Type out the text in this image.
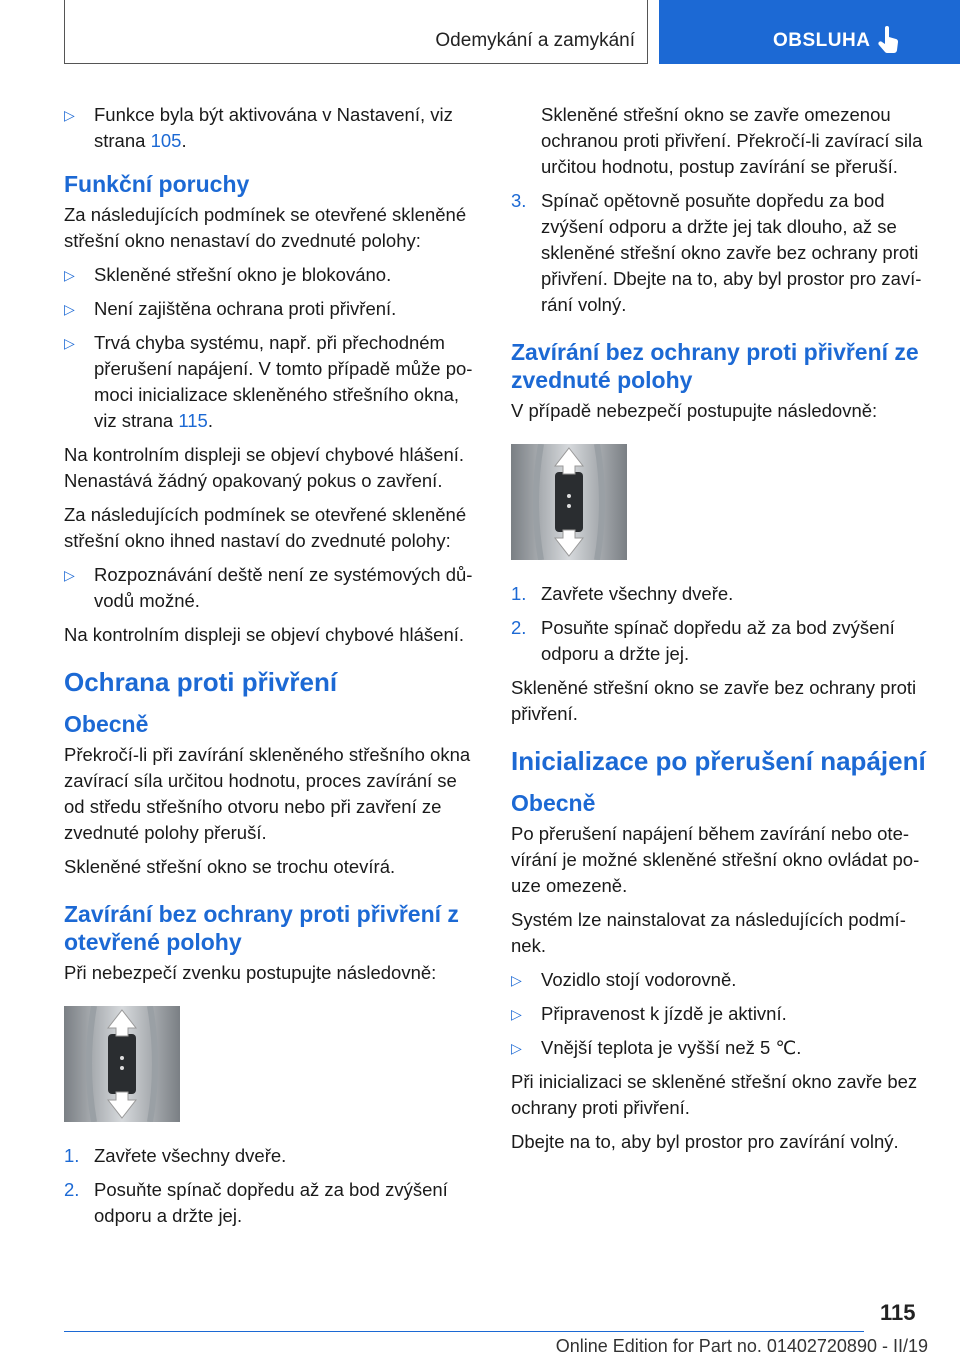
Odemykání a zamykání	OBSLUHA
▷	Funkce byla být aktivována v Nastavení, viz strana 105.
Funkční poruchy

Za následujících podmínek se otevřené skleněné střešní okno nenastaví do zvednuté polohy:

▷	Skleněné střešní okno je blokováno.
▷	Není zajištěna ochrana proti přivření.
▷	Trvá chyba systému, např. při přechodném přerušení napájení. V tomto případě může po‐moci inicializace skleněného střešního okna, viz strana 115.

Na kontrolním displeji se objeví chybové hlášení. Nenastává žádný opakovaný pokus o zavření.

Za následujících podmínek se otevřené skleněné střešní okno ihned nastaví do zvednuté polohy:

▷	Rozpoznávání deště není ze systémových dů‐vodů možné.

Na kontrolním displeji se objeví chybové hlášení.

Ochrana proti přivření
Obecně

Překročí-li při zavírání skleněného střešního okna zavírací síla určitou hodnotu, proces zavírání se od středu střešního otvoru nebo při zavření ze zvednuté polohy přeruší.

Skleněné střešní okno se trochu otevírá.

Zavírání bez ochrany proti přivření z otevřené polohy

Při nebezpečí zvenku postupujte následovně:

1. Zavřete všechny dveře.
2. Posuňte spínač dopředu až za bod zvýšení odporu a držte jej.

Skleněné střešní okno se zavře omezenou ochranou proti přivření. Překročí-li zavírací sila určitou hodnotu, postup zavírání se přeruší.

3. Spínač opětovně posuňte dopředu za bod zvýšení odporu a držte jej tak dlouho, až se skleněné střešní okno zavře bez ochrany proti přivření. Dbejte na to, aby byl prostor pro zaví‐rání volný.
Zavírání bez ochrany proti přivření ze zvednuté polohy

V případě nebezpečí postupujte následovně:

1. Zavřete všechny dveře.
2. Posuňte spínač dopředu až za bod zvýšení odporu a držte jej.

Skleněné střešní okno se zavře bez ochrany proti přivření.

Inicializace po přerušení napájení
Obecně

Po přerušení napájení během zavírání nebo ote‐vírání je možné skleněné střešní okno ovládat po‐uze omezeně.

Systém lze nainstalovat za následujících podmí‐nek.

▷	Vozidlo stojí vodorovně.
▷	Připravenost k jízdě je aktivní.
▷	Vnější teplota je vyšší než 5 ℃.

Při inicializaci se skleněné střešní okno zavře bez ochrany proti přivření.

Dbejte na to, aby byl prostor pro zavírání volný.

115
Online Edition for Part no. 01402720890 - II/19
